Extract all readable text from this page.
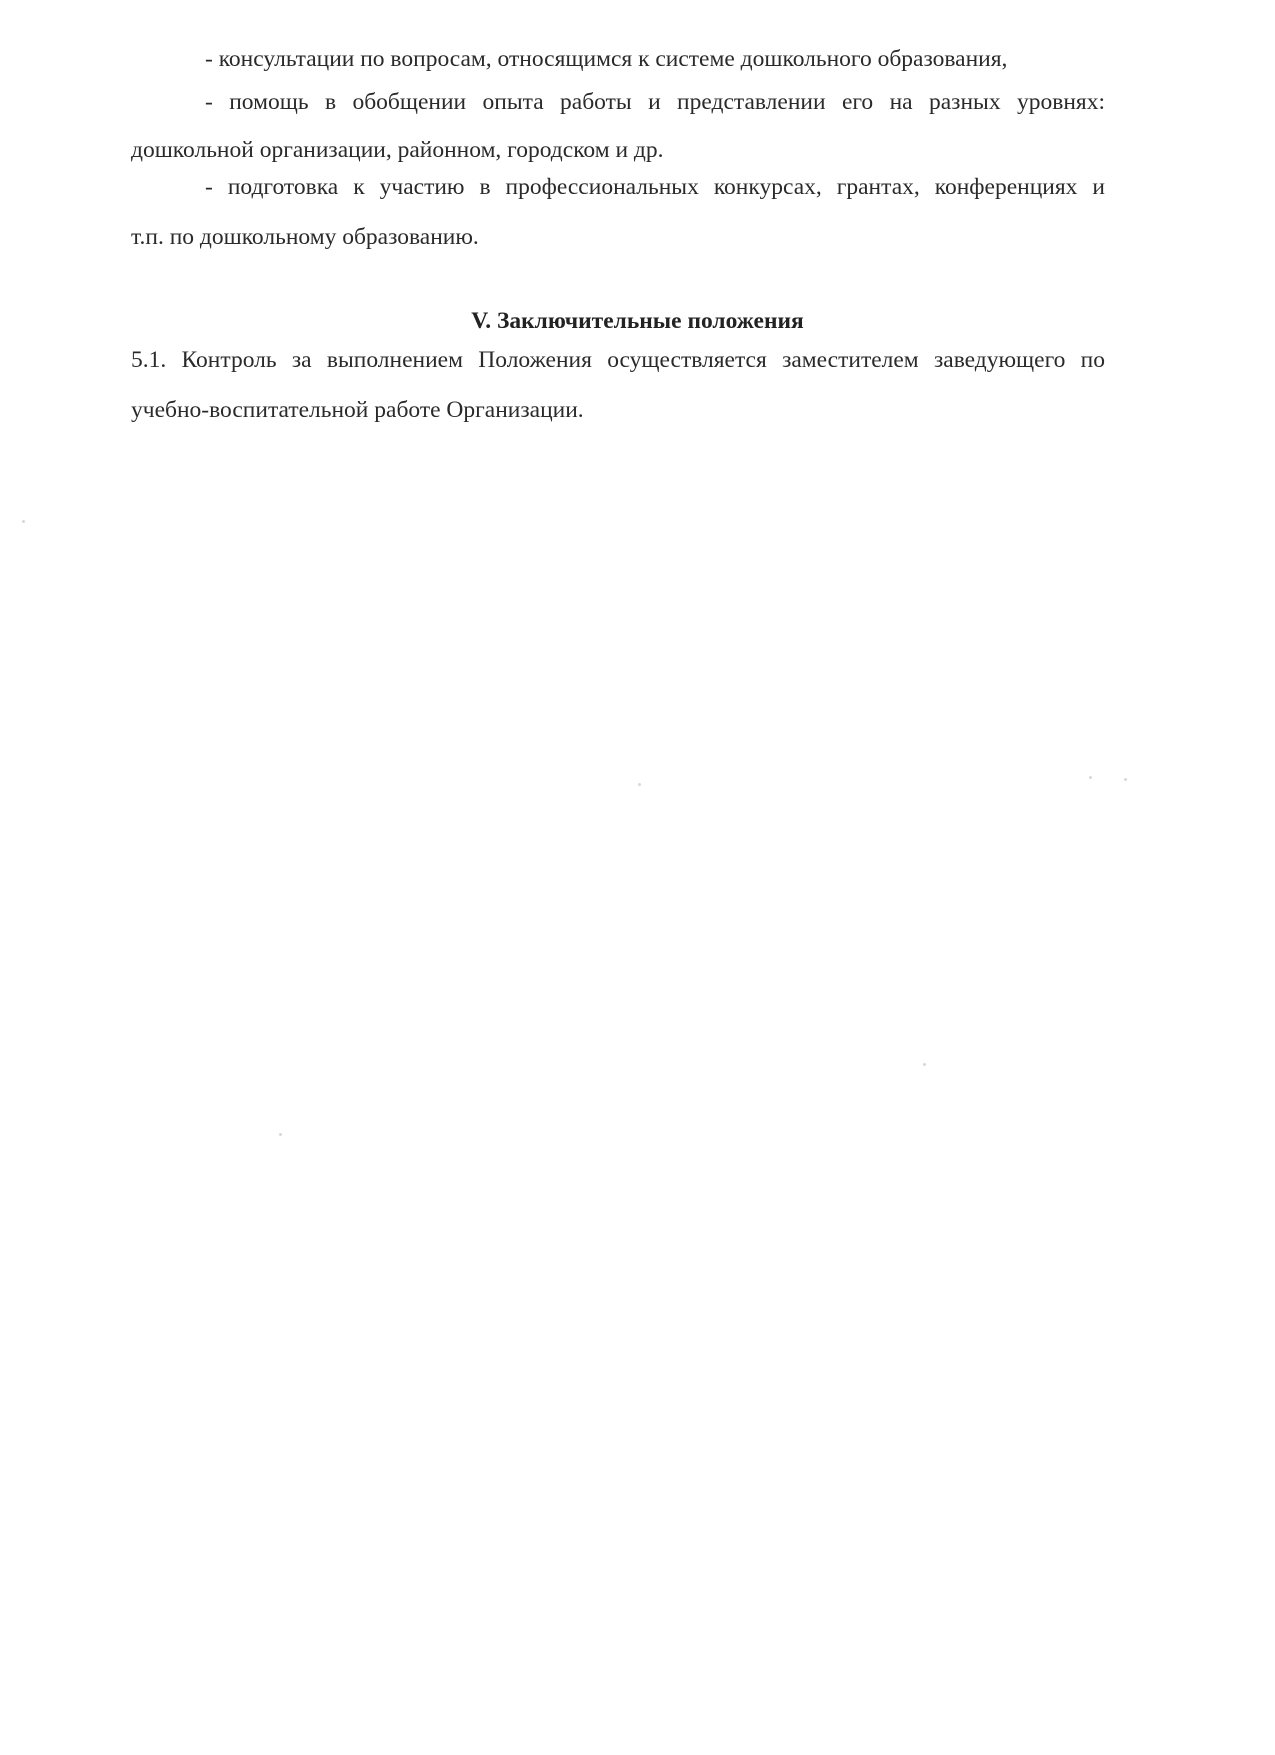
- консультации по вопросам, относящимся к системе дошкольного образования,

- помощь в обобщении опыта работы и представлении его на разных уровнях:

дошкольной организации, районном, городском и др.

- подготовка к участию в профессиональных конкурсах, грантах, конференциях и

т.п. по дошкольному образованию.

V. Заключительные положения

5.1. Контроль за выполнением Положения осуществляется заместителем заведующего по

учебно-воспитательной работе Организации.
